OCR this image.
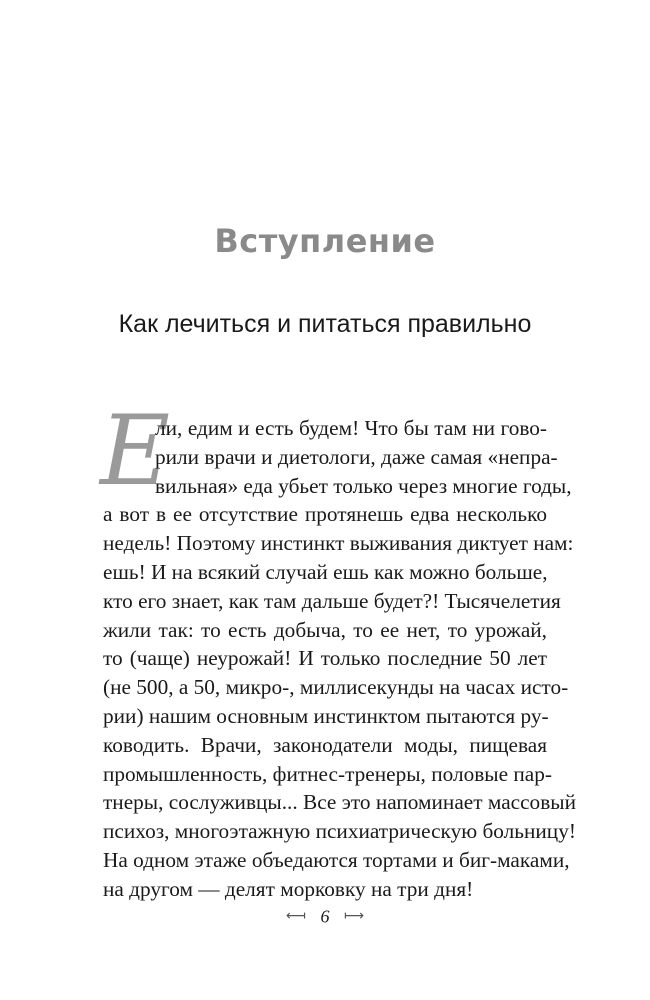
Вступление
Как лечиться и питаться правильно
Е
ли, едим и есть будем! Что бы там ни гово-
рили врачи и диетологи, даже самая «непра-
вильная» еда убьет только через многие годы,
а вот в ее отсутствие протянешь едва несколько
недель! Поэтому инстинкт выживания диктует нам:
ешь! И на всякий случай ешь как можно больше,
кто его знает, как там дальше будет?! Тысячелетия
жили так: то есть добыча, то ее нет, то урожай,
то (чаще) неурожай! И только последние 50 лет
(не 500, а 50, микро-, миллисекунды на часах исто-
рии) нашим основным инстинктом пытаются ру-
ководить. Врачи, законодатели моды, пищевая
промышленность, фитнес-тренеры, половые пар-
тнеры, сослуживцы... Все это напоминает массовый
психоз, многоэтажную психиатрическую больницу!
На одном этаже объедаются тортами и биг-маками,
на другом — делят морковку на три дня!
⟻ 6 ⟼
